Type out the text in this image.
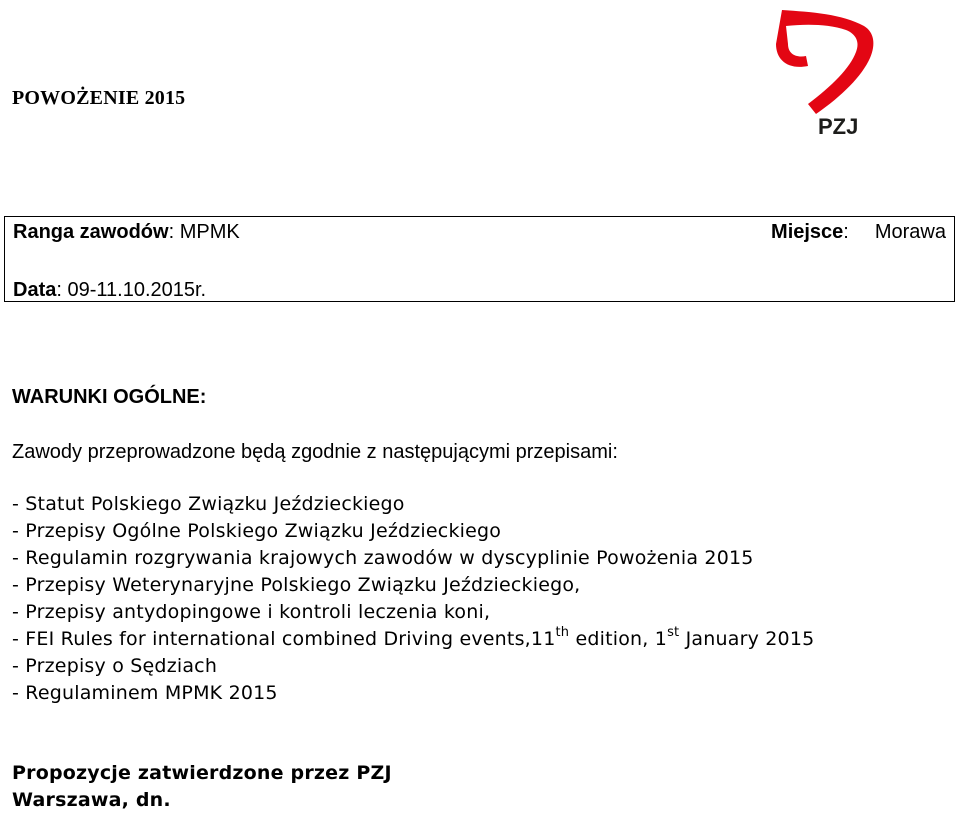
POWOŻENIE 2015
PZJ
Ranga zawodów: MPMK	Miejsce: Morawa
Data: 09-11.10.2015r.
WARUNKI OGÓLNE:
Zawody przeprowadzone będą zgodnie z następującymi przepisami:
- Statut Polskiego Związku Jeździeckiego
- Przepisy Ogólne Polskiego Związku Jeździeckiego
- Regulamin rozgrywania krajowych zawodów w dyscyplinie Powożenia 2015
- Przepisy Weterynaryjne Polskiego Związku Jeździeckiego,
- Przepisy antydopingowe i kontroli leczenia koni,
- FEI Rules for international combined Driving events,11th edition, 1st January 2015
- Przepisy o Sędziach
- Regulaminem MPMK 2015
Propozycje zatwierdzone przez PZJ
Warszawa, dn.
